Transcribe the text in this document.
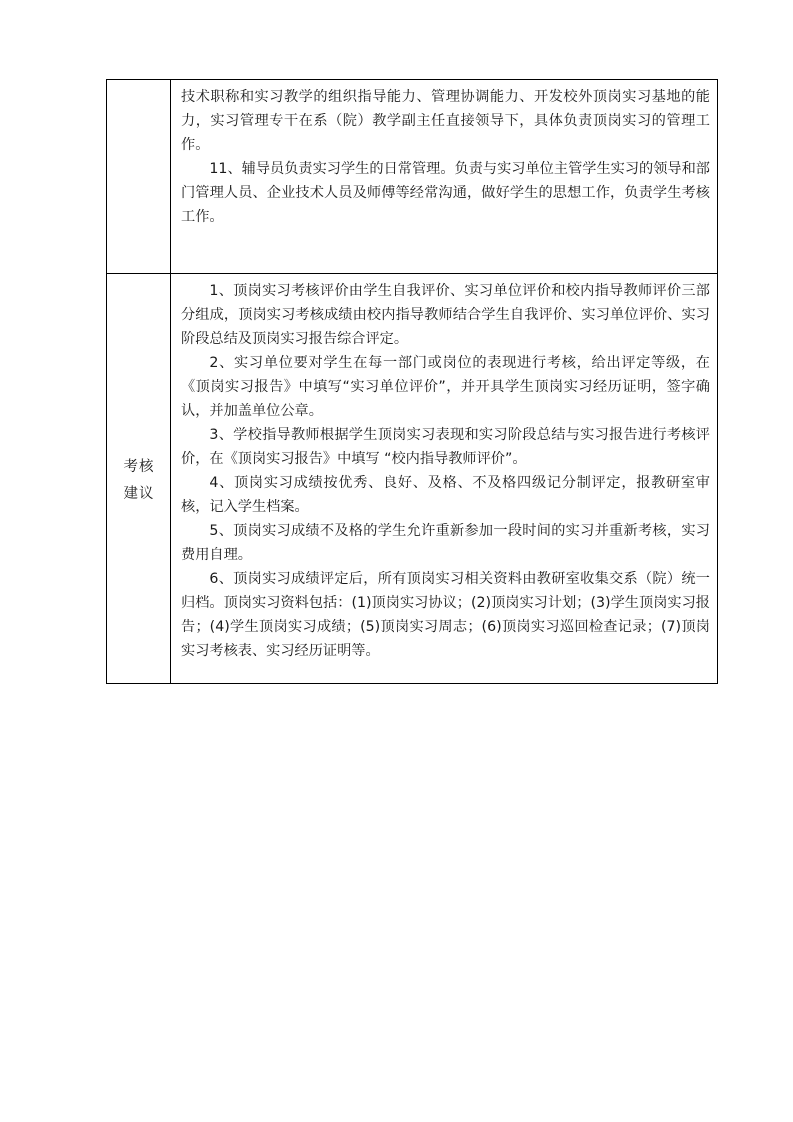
技术职称和实习教学的组织指导能力、管理协调能力、开发校外顶岗实习基地的能力，实习管理专干在系（院）教学副主任直接领导下，具体负责顶岗实习的管理工作。

11、辅导员负责实习学生的日常管理。负责与实习单位主管学生实习的领导和部门管理人员、企业技术人员及师傅等经常沟通，做好学生的思想工作，负责学生考核工作。

考核
建议

1、顶岗实习考核评价由学生自我评价、实习单位评价和校内指导教师评价三部分组成，顶岗实习考核成绩由校内指导教师结合学生自我评价、实习单位评价、实习阶段总结及顶岗实习报告综合评定。

2、实习单位要对学生在每一部门或岗位的表现进行考核，给出评定等级，在《顶岗实习报告》中填写“实习单位评价”，并开具学生顶岗实习经历证明，签字确认，并加盖单位公章。

3、学校指导教师根据学生顶岗实习表现和实习阶段总结与实习报告进行考核评价，在《顶岗实习报告》中填写 “校内指导教师评价”。

4、顶岗实习成绩按优秀、良好、及格、不及格四级记分制评定，报教研室审核，记入学生档案。

5、顶岗实习成绩不及格的学生允许重新参加一段时间的实习并重新考核，实习费用自理。

6、顶岗实习成绩评定后，所有顶岗实习相关资料由教研室收集交系（院）统一归档。顶岗实习资料包括：(1)顶岗实习协议；(2)顶岗实习计划；(3)学生顶岗实习报告；(4)学生顶岗实习成绩；(5)顶岗实习周志；(6)顶岗实习巡回检查记录；(7)顶岗实习考核表、实习经历证明等。
